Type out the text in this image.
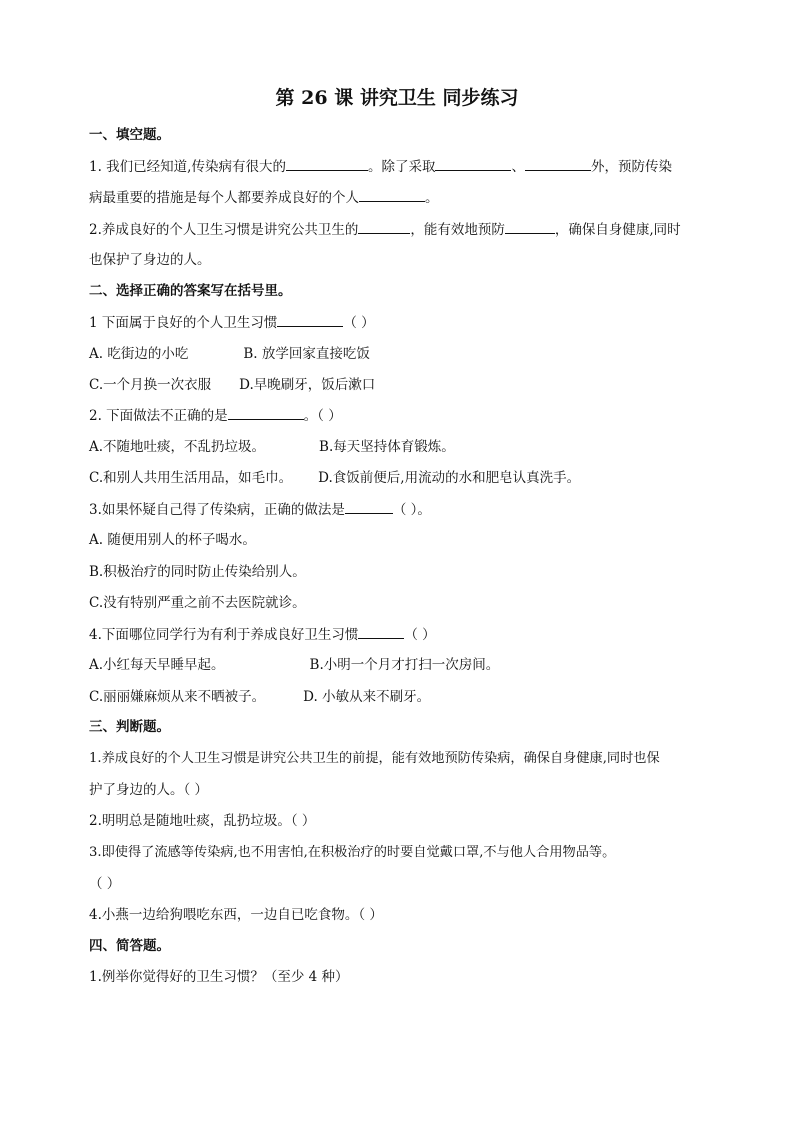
第 26 课 讲究卫生 同步练习
一、填空题。
1. 我们已经知道,传染病有很大的	。除了采取	、	外，预防传染
病最重要的措施是每个人都要养成良好的个人	。
2.养成良好的个人卫生习惯是讲究公共卫生的	，能有效地预防	，确保自身健康,同时
也保护了身边的人。
二、选择正确的答案写在括号里。
1 下面属于良好的个人卫生习惯	（ ）
A. 吃街边的小吃	B. 放学回家直接吃饭
C.一个月换一次衣服 D.早晚刷牙，饭后漱口
2. 下面做法不正确的是	。（ ）
A.不随地吐痰，不乱扔垃圾。	B.每天坚持体育锻炼。
C.和别人共用生活用品，如毛巾。 D.食饭前便后,用流动的水和肥皂认真洗手。
3.如果怀疑自己得了传染病，正确的做法是	（ ）。
A. 随便用别人的杯子喝水。
B.积极治疗的同时防止传染给别人。
C.没有特别严重之前不去医院就诊。
4.下面哪位同学行为有利于养成良好卫生习惯	（ ）
A.小红每天早睡早起。	B.小明一个月才打扫一次房间。
C.丽丽嫌麻烦从来不晒被子。	D. 小敏从来不刷牙。
三、判断题。
1.养成良好的个人卫生习惯是讲究公共卫生的前提，能有效地预防传染病，确保自身健康,同时也保
护了身边的人。（ ）
2.明明总是随地吐痰，乱扔垃圾。（ ）
3.即使得了流感等传染病,也不用害怕,在积极治疗的时要自觉戴口罩,不与他人合用物品等。
（ ）
4.小燕一边给狗喂吃东西，一边自已吃食物。（ ）
四、简答题。
1.例举你觉得好的卫生习惯？（至少 4 种）
